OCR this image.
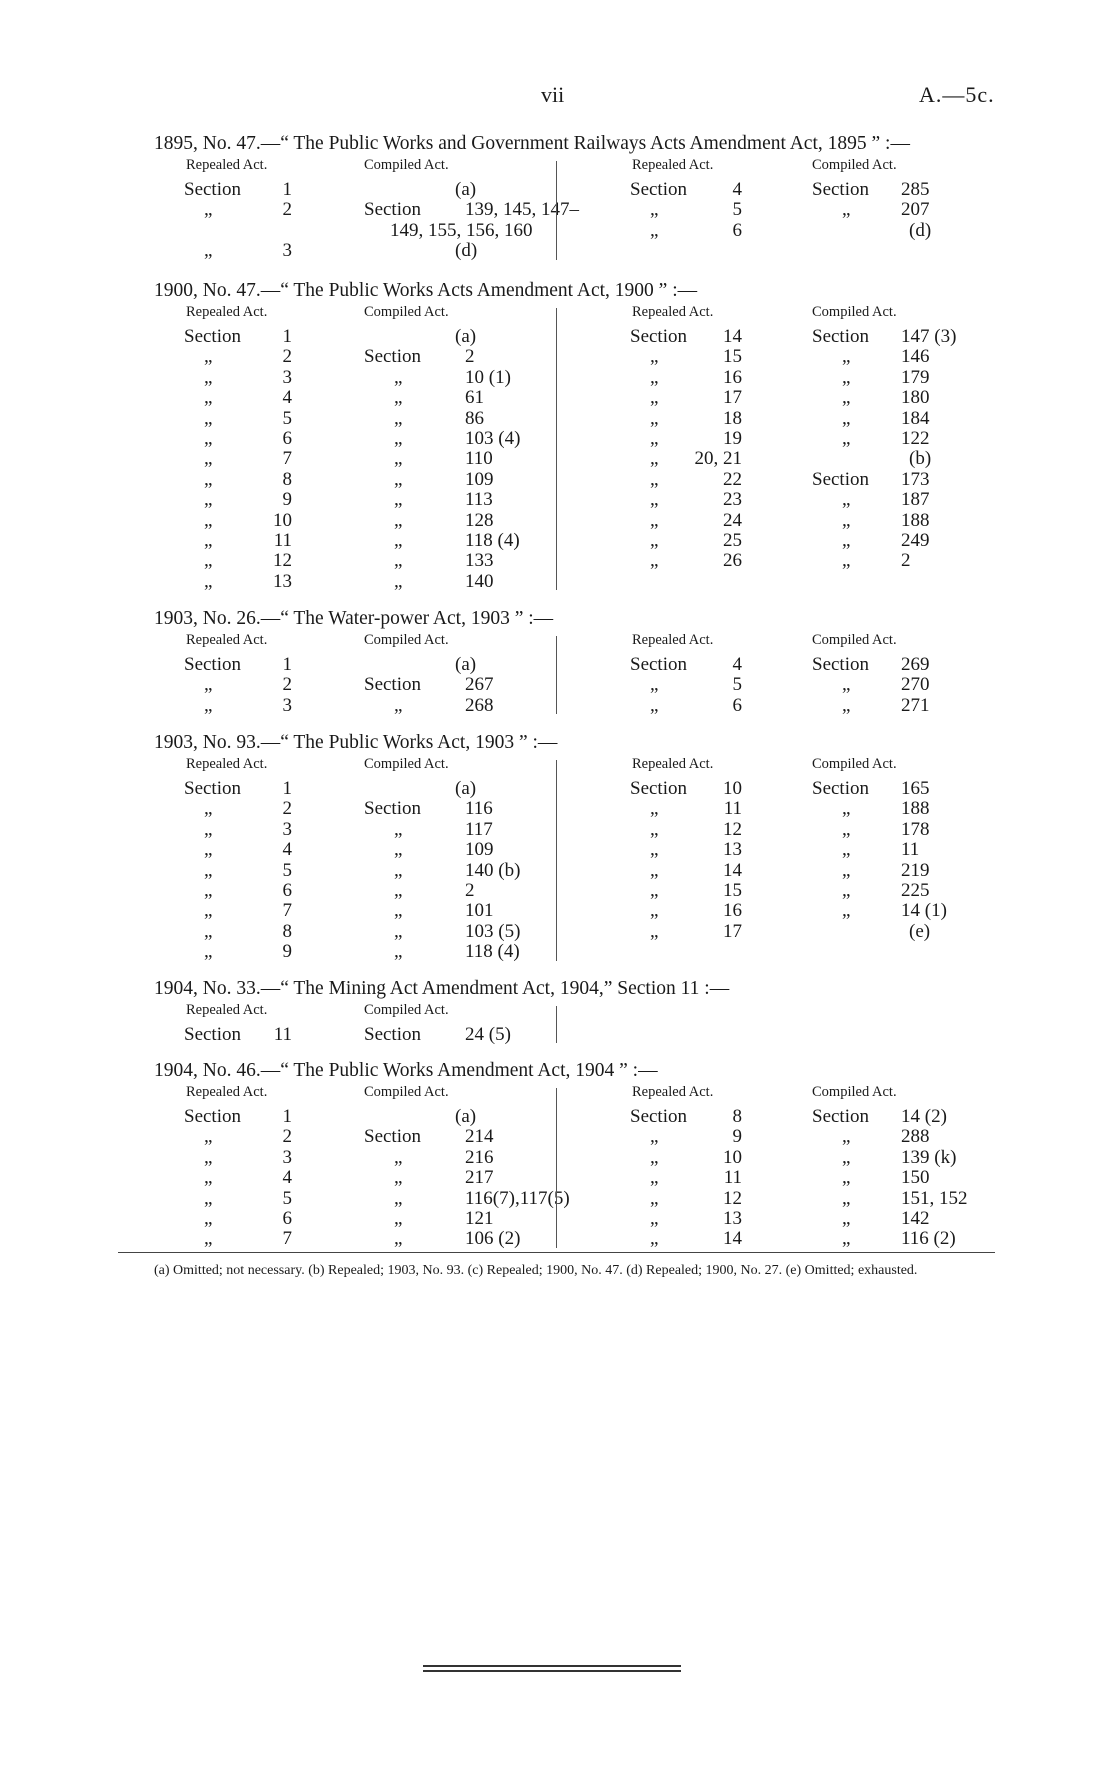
vii	A.—5c.
1895, No. 47.—“ The Public Works and Government Railways Acts Amendment Act, 1895 ” :—
Repealed Act.	Compiled Act.
Section	1	(a)
„	2	Section 139, 145, 147–
149, 155, 156, 160
„	3	(d)
Repealed Act.	Compiled Act.
Section	4	Section 285
„	5	„	207
„	6	(d)
1900, No. 47.—“ The Public Works Acts Amendment Act, 1900 ” :—
Repealed Act.	Compiled Act.
Section	1	(a)
„	2	Section 2
„	3	„	10 (1)
„	4	„	61
„	5	„	86
„	6	„	103 (4)
„	7	„	110
„	8	„	109
„	9	„	113
„	10	„	128
„	11	„	118 (4)
„	12	„	133
„	13	„	140
Repealed Act.	Compiled Act.
Section	14	Section 147 (3)
„	15	„	146
„	16	„	179
„	17	„	180
„	18	„	184
„	19	„	122
„	20, 21	(b)
„	22	Section 173
„	23	„	187
„	24	„	188
„	25	„	249
„	26	„	2
1903, No. 26.—“ The Water-power Act, 1903 ” :—
Repealed Act.	Compiled Act.
Section	1	(a)
„	2	Section 267
„	3	„	268
Repealed Act.	Compiled Act.
Section	4	Section 269
„	5	„	270
„	6	„	271
1903, No. 93.—“ The Public Works Act, 1903 ” :—
Repealed Act.	Compiled Act.
Section	1	(a)
„	2	Section 116
„	3	„	117
„	4	„	109
„	5	„	140 (b)
„	6	„	2
„	7	„	101
„	8	„	103 (5)
„	9	„	118 (4)
Repealed Act.	Compiled Act.
Section	10	Section 165
„	11	„	188
„	12	„	178
„	13	„	11
„	14	„	219
„	15	„	225
„	16	„	14 (1)
„	17	(e)
1904, No. 33.—“ The Mining Act Amendment Act, 1904,” Section 11 :—
Repealed Act.	Compiled Act.
Section	11	Section 24 (5)
1904, No. 46.—“ The Public Works Amendment Act, 1904 ” :—
Repealed Act.	Compiled Act.
Section	1	(a)
„	2	Section 214
„	3	„	216
„	4	„	217
„	5	„	116(7),117(5)
„	6	„	121
„	7	„	106 (2)
Repealed Act.	Compiled Act.
Section	8	Section 14 (2)
„	9	„	288
„	10	„	139 (k)
„	11	„	150
„	12	„	151, 152
„	13	„	142
„	14	„	116 (2)

(a) Omitted; not necessary. (b) Repealed; 1903, No. 93. (c) Repealed; 1900, No. 47. (d) Repealed; 1900, No. 27. (e) Omitted; exhausted.
